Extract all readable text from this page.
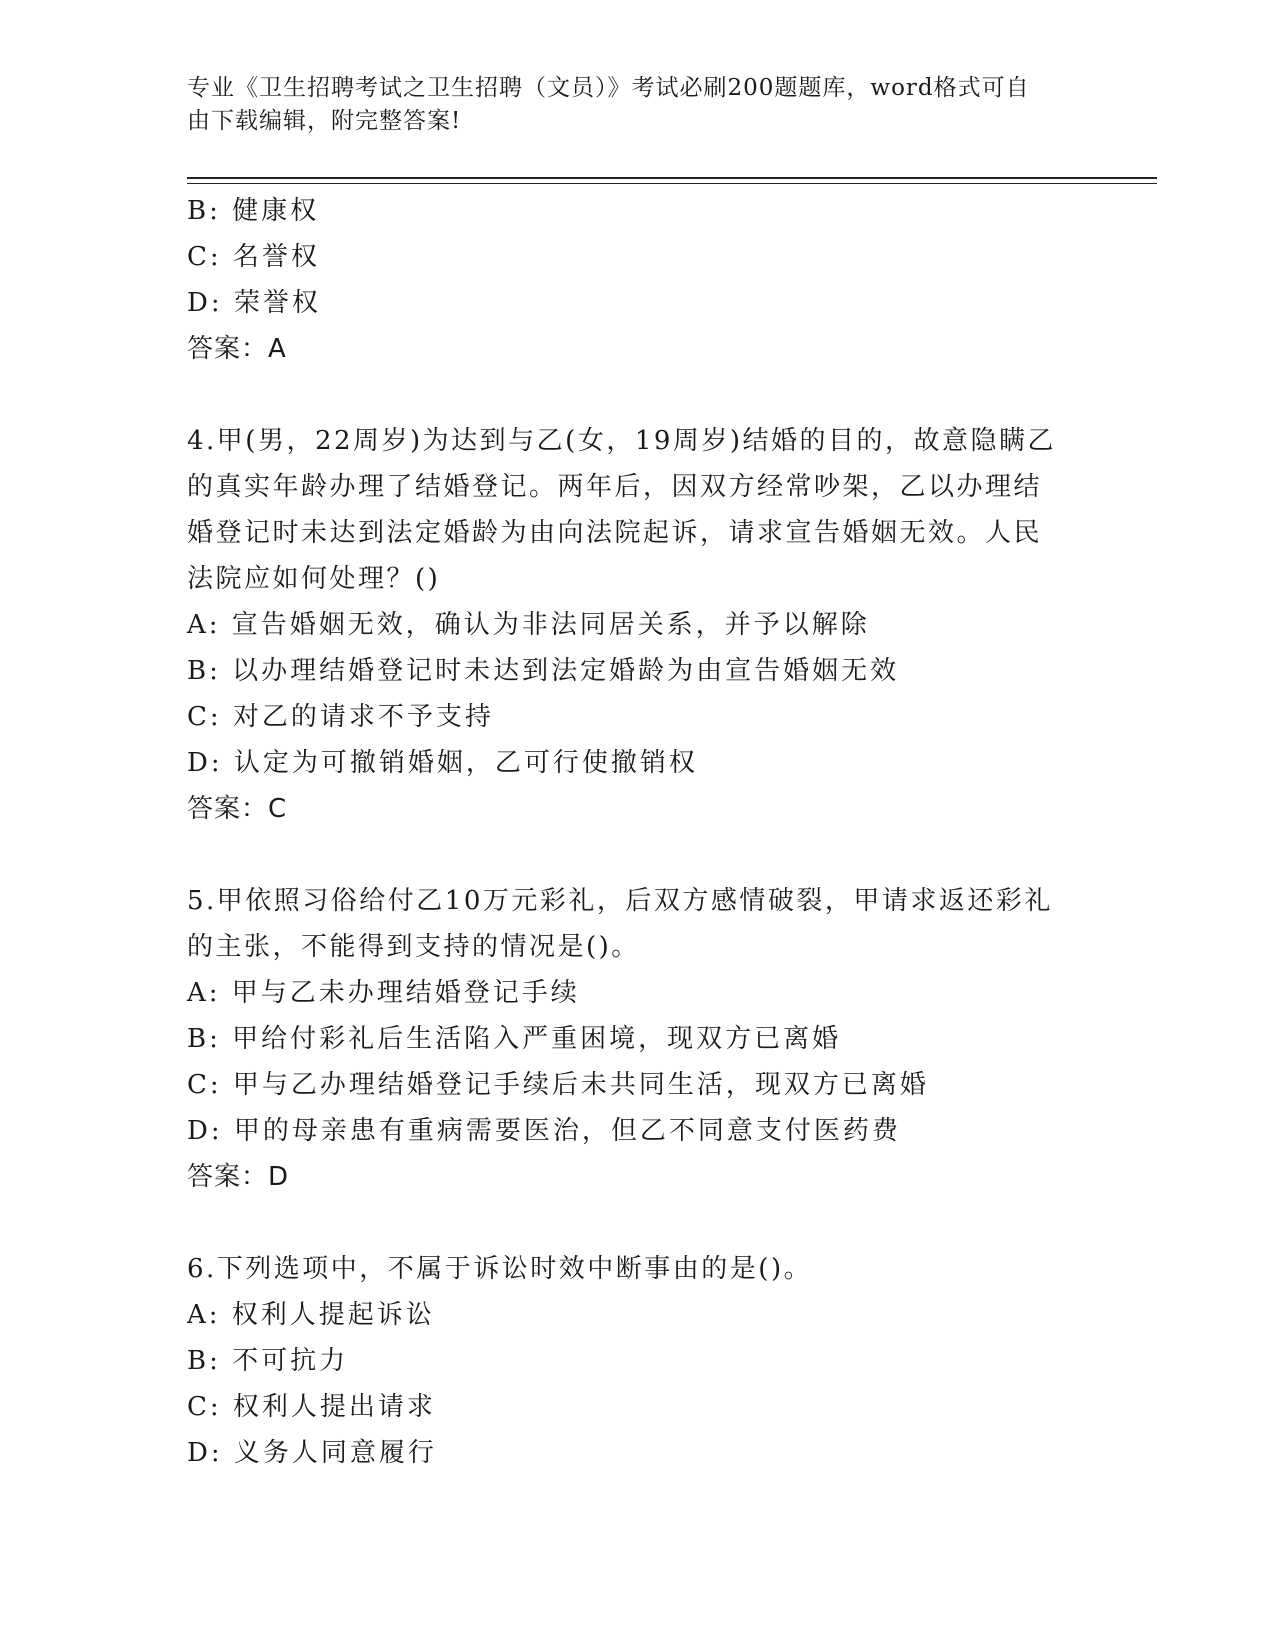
专业《卫生招聘考试之卫生招聘（文员）》考试必刷200题题库，word格式可自
由下载编辑，附完整答案!
B: 健康权
C: 名誉权
D: 荣誉权
答案：A
4.甲(男，22周岁)为达到与乙(女，19周岁)结婚的目的，故意隐瞒乙
的真实年龄办理了结婚登记。两年后，因双方经常吵架，乙以办理结
婚登记时未达到法定婚龄为由向法院起诉，请求宣告婚姻无效。人民
法院应如何处理？()
A: 宣告婚姻无效，确认为非法同居关系，并予以解除
B: 以办理结婚登记时未达到法定婚龄为由宣告婚姻无效
C: 对乙的请求不予支持
D: 认定为可撤销婚姻，乙可行使撤销权
答案：C
5.甲依照习俗给付乙10万元彩礼，后双方感情破裂，甲请求返还彩礼
的主张，不能得到支持的情况是()。
A: 甲与乙未办理结婚登记手续
B: 甲给付彩礼后生活陷入严重困境，现双方已离婚
C: 甲与乙办理结婚登记手续后未共同生活，现双方已离婚
D: 甲的母亲患有重病需要医治，但乙不同意支付医药费
答案：D
6.下列选项中，不属于诉讼时效中断事由的是()。
A: 权利人提起诉讼
B: 不可抗力
C: 权利人提出请求
D: 义务人同意履行
